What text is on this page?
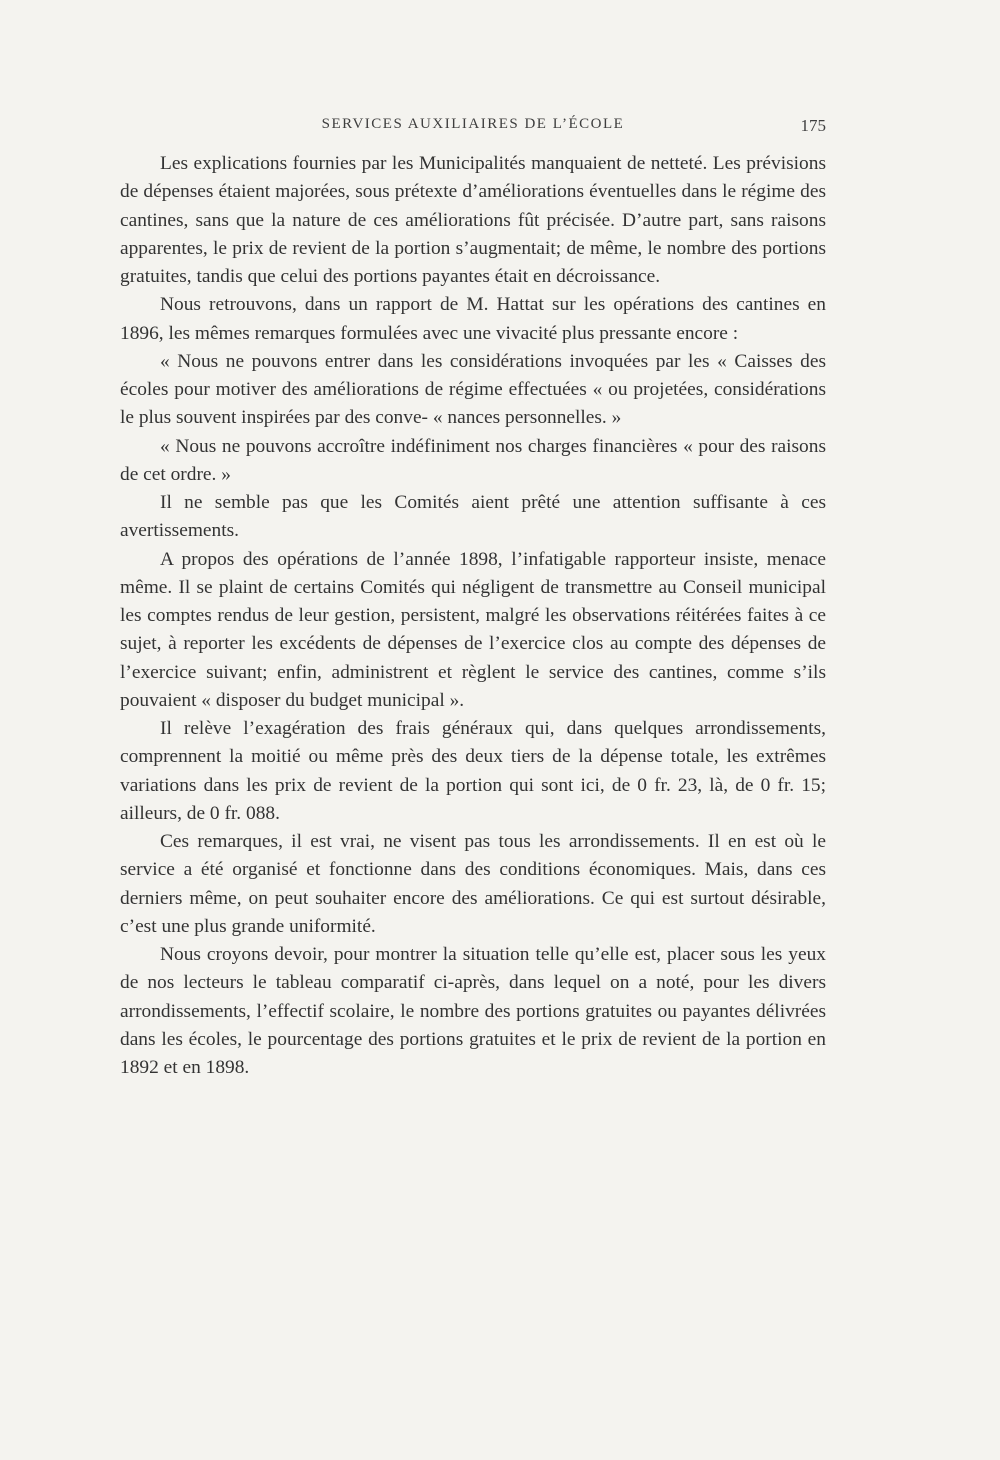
SERVICES AUXILIAIRES DE L’ÉCOLE	175

Les explications fournies par les Municipalités manquaient de netteté. Les prévisions de dépenses étaient majorées, sous prétexte d’améliorations éventuelles dans le régime des cantines, sans que la nature de ces améliorations fût précisée. D’autre part, sans raisons apparentes, le prix de revient de la portion s’augmentait; de même, le nombre des portions gratuites, tandis que celui des portions payantes était en décroissance.

Nous retrouvons, dans un rapport de M. Hattat sur les opérations des cantines en 1896, les mêmes remarques formulées avec une vivacité plus pressante encore :

« Nous ne pouvons entrer dans les considérations invoquées par les « Caisses des écoles pour motiver des améliorations de régime effectuées « ou projetées, considérations le plus souvent inspirées par des conve- « nances personnelles. »

« Nous ne pouvons accroître indéfiniment nos charges financières « pour des raisons de cet ordre. »

Il ne semble pas que les Comités aient prêté une attention suffisante à ces avertissements.

A propos des opérations de l’année 1898, l’infatigable rapporteur insiste, menace même. Il se plaint de certains Comités qui négligent de transmettre au Conseil municipal les comptes rendus de leur gestion, persistent, malgré les observations réitérées faites à ce sujet, à reporter les excédents de dépenses de l’exercice clos au compte des dépenses de l’exercice suivant; enfin, administrent et règlent le service des cantines, comme s’ils pouvaient « disposer du budget municipal ».

Il relève l’exagération des frais généraux qui, dans quelques arrondissements, comprennent la moitié ou même près des deux tiers de la dépense totale, les extrêmes variations dans les prix de revient de la portion qui sont ici, de 0 fr. 23, là, de 0 fr. 15; ailleurs, de 0 fr. 088.

Ces remarques, il est vrai, ne visent pas tous les arrondissements. Il en est où le service a été organisé et fonctionne dans des conditions économiques. Mais, dans ces derniers même, on peut souhaiter encore des améliorations. Ce qui est surtout désirable, c’est une plus grande uniformité.

Nous croyons devoir, pour montrer la situation telle qu’elle est, placer sous les yeux de nos lecteurs le tableau comparatif ci-après, dans lequel on a noté, pour les divers arrondissements, l’effectif scolaire, le nombre des portions gratuites ou payantes délivrées dans les écoles, le pourcentage des portions gratuites et le prix de revient de la portion en 1892 et en 1898.
